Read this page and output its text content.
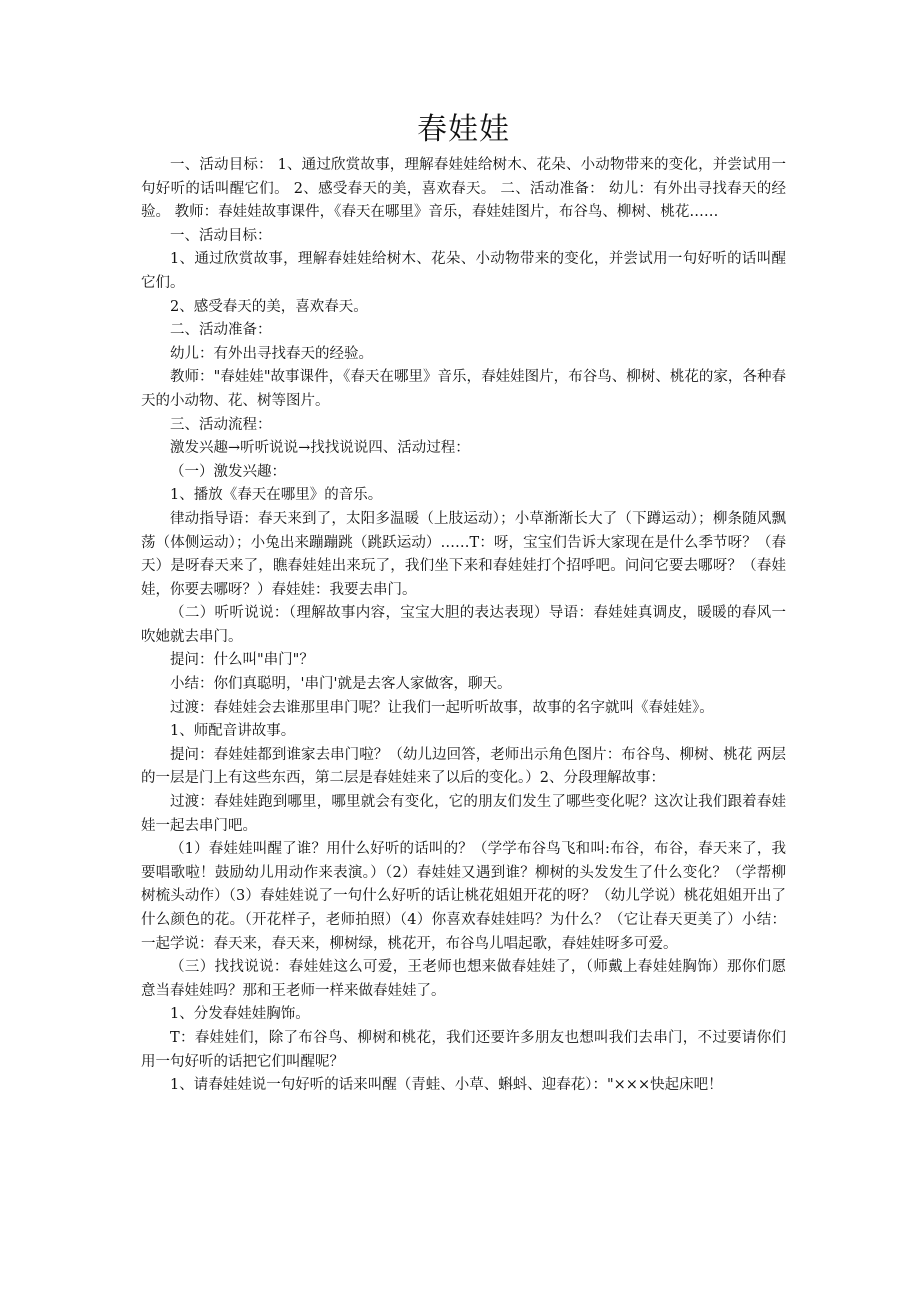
春娃娃

一、活动目标： 1、通过欣赏故事，理解春娃娃给树木、花朵、小动物带来的变化，并尝试用一句好听的话叫醒它们。 2、感受春天的美，喜欢春天。 二、活动准备： 幼儿：有外出寻找春天的经验。 教师：春娃娃故事课件，《春天在哪里》音乐，春娃娃图片，布谷鸟、柳树、桃花……

一、活动目标：

1、通过欣赏故事，理解春娃娃给树木、花朵、小动物带来的变化，并尝试用一句好听的话叫醒它们。

2、感受春天的美，喜欢春天。

二、活动准备：

幼儿：有外出寻找春天的经验。

教师："春娃娃"故事课件，《春天在哪里》音乐，春娃娃图片，布谷鸟、柳树、桃花的家，各种春天的小动物、花、树等图片。

三、活动流程：

激发兴趣→听听说说→找找说说四、活动过程：

（一）激发兴趣：

1、播放《春天在哪里》的音乐。

律动指导语：春天来到了，太阳多温暖（上肢运动）；小草渐渐长大了（下蹲运动）；柳条随风飘荡（体侧运动）；小兔出来蹦蹦跳（跳跃运动）……T：呀，宝宝们告诉大家现在是什么季节呀？（春天）是呀春天来了，瞧春娃娃出来玩了，我们坐下来和春娃娃打个招呼吧。问问它要去哪呀？（春娃娃，你要去哪呀？）春娃娃：我要去串门。

（二）听听说说：（理解故事内容，宝宝大胆的表达表现）导语：春娃娃真调皮，暖暖的春风一吹她就去串门。

提问：什么叫"串门"？

小结：你们真聪明，'串门'就是去客人家做客，聊天。

过渡：春娃娃会去谁那里串门呢？让我们一起听听故事，故事的名字就叫《春娃娃》。

1、师配音讲故事。

提问：春娃娃都到谁家去串门啦？（幼儿边回答，老师出示角色图片：布谷鸟、柳树、桃花 两层的一层是门上有这些东西，第二层是春娃娃来了以后的变化。）2、分段理解故事：

过渡：春娃娃跑到哪里，哪里就会有变化，它的朋友们发生了哪些变化呢？这次让我们跟着春娃娃一起去串门吧。

（1）春娃娃叫醒了谁？用什么好听的话叫的？（学学布谷鸟飞和叫:布谷，布谷，春天来了，我要唱歌啦！鼓励幼儿用动作来表演。）（2）春娃娃又遇到谁？柳树的头发发生了什么变化？（学帮柳树梳头动作）（3）春娃娃说了一句什么好听的话让桃花姐姐开花的呀？（幼儿学说）桃花姐姐开出了什么颜色的花。（开花样子，老师拍照）（4）你喜欢春娃娃吗？为什么？（它让春天更美了）小结：一起学说：春天来，春天来，柳树绿，桃花开，布谷鸟儿唱起歌，春娃娃呀多可爱。

（三）找找说说：春娃娃这么可爱，王老师也想来做春娃娃了，（师戴上春娃娃胸饰）那你们愿意当春娃娃吗？那和王老师一样来做春娃娃了。

1、分发春娃娃胸饰。

T：春娃娃们，除了布谷鸟、柳树和桃花，我们还要许多朋友也想叫我们去串门，不过要请你们用一句好听的话把它们叫醒呢？

1、请春娃娃说一句好听的话来叫醒（青蛙、小草、蝌蚪、迎春花）："×××快起床吧！
